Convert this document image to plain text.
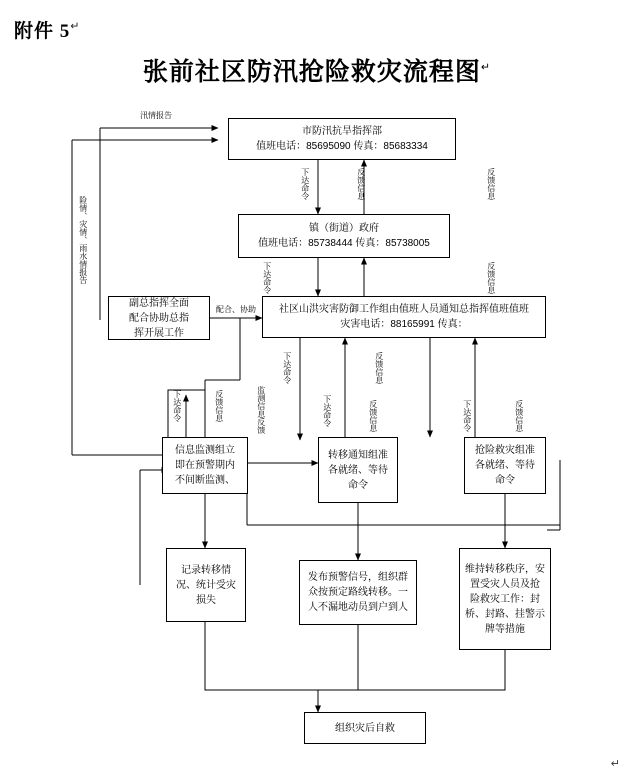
附件 5↵
张前社区防汛抢险救灾流程图↵
市防汛抗旱指挥部
值班电话：85695090 传真：85683334
镇（街道）政府
值班电话：85738444 传真：85738005
副总指挥全面
配合协助总指
挥开展工作
社区山洪灾害防御工作组由值班人员通知总指挥值班值班
灾害电话：88165991 传真：
信息监测组立
即在预警期内
不间断监测、
转移通知组准
各就绪、等待
命令
抢险救灾组准
各就绪、等待
命令
记录转移情
况、统计受灾
损失
发布预警信号，组织群
众按预定路线转移。一
人不漏地动员到户到人
维持转移秩序，安
置受灾人员及抢
险救灾工作：封
桥、封路、挂警示
牌等措施
组织灾后自救
汛情报告
下达命令	反馈信息	反馈信息
下达命令	反馈信息
配合、协助
下达命令	反馈信息
下达命令	反馈信息	下达命令	反馈信息	下达命令	反馈信息
监测信息反馈
险情、灾情、雨水情报告
↵
